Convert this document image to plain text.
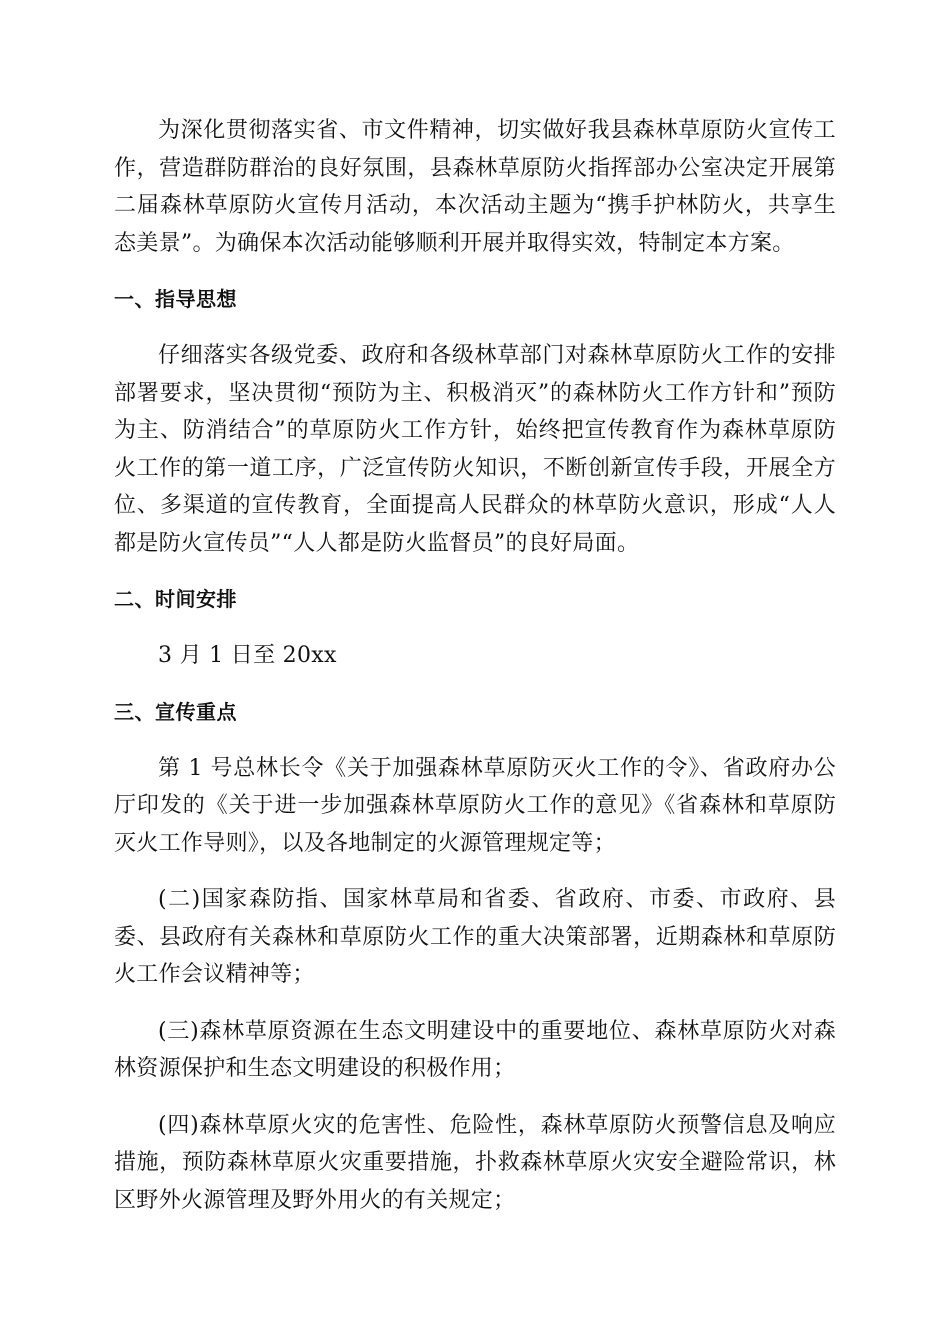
为深化贯彻落实省、市文件精神，切实做好我县森林草原防火宣传工作，营造群防群治的良好氛围，县森林草原防火指挥部办公室决定开展第二届森林草原防火宣传月活动，本次活动主题为“携手护林防火，共享生态美景”。为确保本次活动能够顺利开展并取得实效，特制定本方案。

一、指导思想

仔细落实各级党委、政府和各级林草部门对森林草原防火工作的安排部署要求，坚决贯彻“预防为主、积极消灭”的森林防火工作方针和”预防为主、防消结合”的草原防火工作方针，始终把宣传教育作为森林草原防火工作的第一道工序，广泛宣传防火知识，不断创新宣传手段，开展全方位、多渠道的宣传教育，全面提高人民群众的林草防火意识，形成“人人都是防火宣传员”“人人都是防火监督员”的良好局面。

二、时间安排

3 月 1 日至 20xx

三、宣传重点

第 1 号总林长令《关于加强森林草原防灭火工作的令》、省政府办公厅印发的《关于进一步加强森林草原防火工作的意见》《省森林和草原防灭火工作导则》，以及各地制定的火源管理规定等；

(二)国家森防指、国家林草局和省委、省政府、市委、市政府、县委、县政府有关森林和草原防火工作的重大决策部署，近期森林和草原防火工作会议精神等；

(三)森林草原资源在生态文明建设中的重要地位、森林草原防火对森林资源保护和生态文明建设的积极作用；

(四)森林草原火灾的危害性、危险性，森林草原防火预警信息及响应措施，预防森林草原火灾重要措施，扑救森林草原火灾安全避险常识，林区野外火源管理及野外用火的有关规定；
